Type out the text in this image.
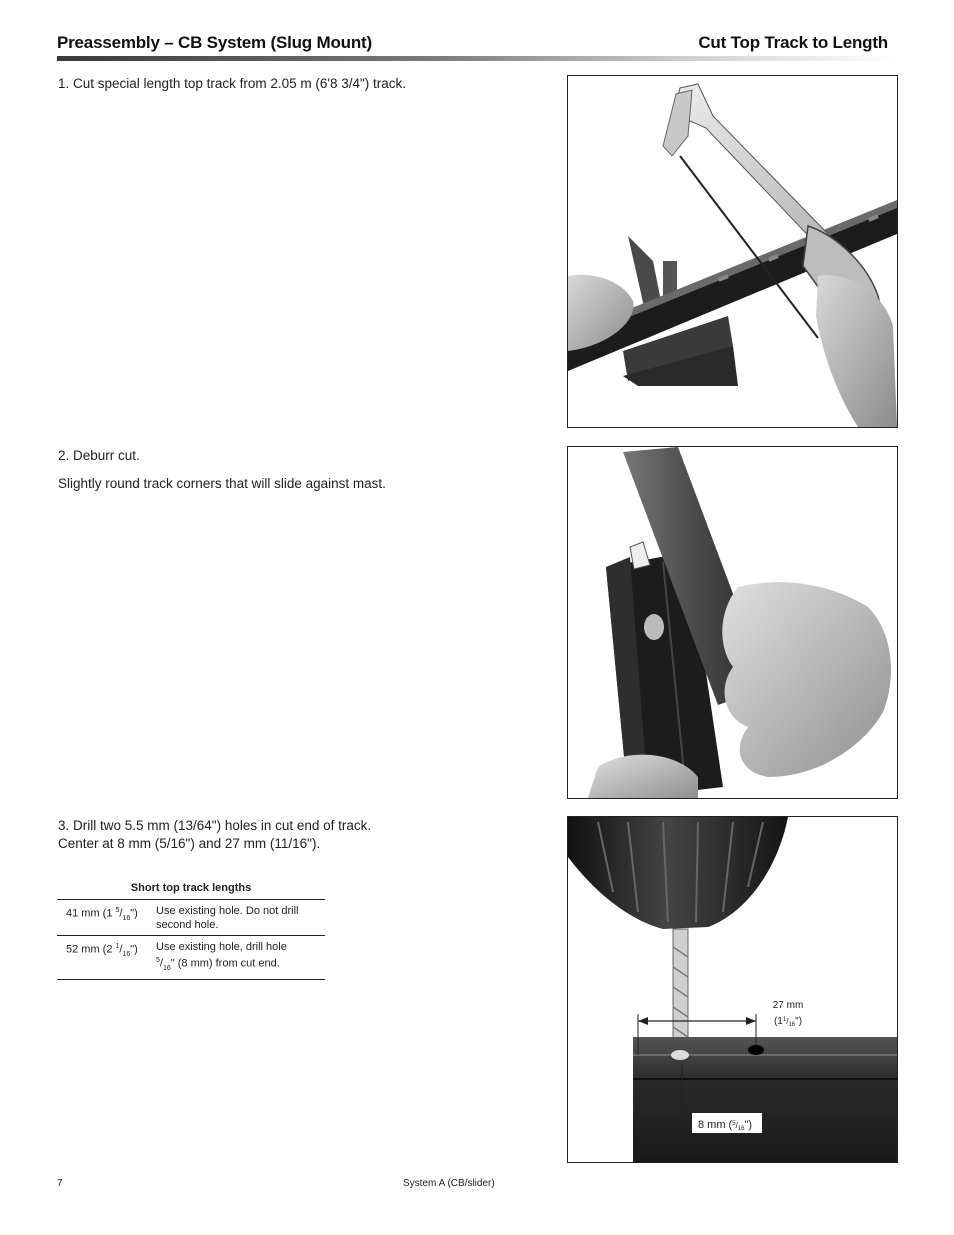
Preassembly – CB System (Slug Mount)	Cut Top Track to Length
1. Cut special length top track from 2.05 m (6'8 3/4") track.
2. Deburr cut.
Slightly round track corners that will slide against mast.
3. Drill two 5.5 mm (13/64") holes in cut end of track.
Center at 8 mm (5/16") and 27 mm (11/16").
Short top track lengths
41 mm (1 $^5/_{16}$")	Use existing hole. Do not drill
second hole.
52 mm (2 $^1/_{16}$")	Use existing hole, drill hole
$^5/_{16}$" (8 mm) from cut end.
27 mm
$(1^1_{/16}")$
8 mm ($^5_/$16")
7	System A (CB/slider)
